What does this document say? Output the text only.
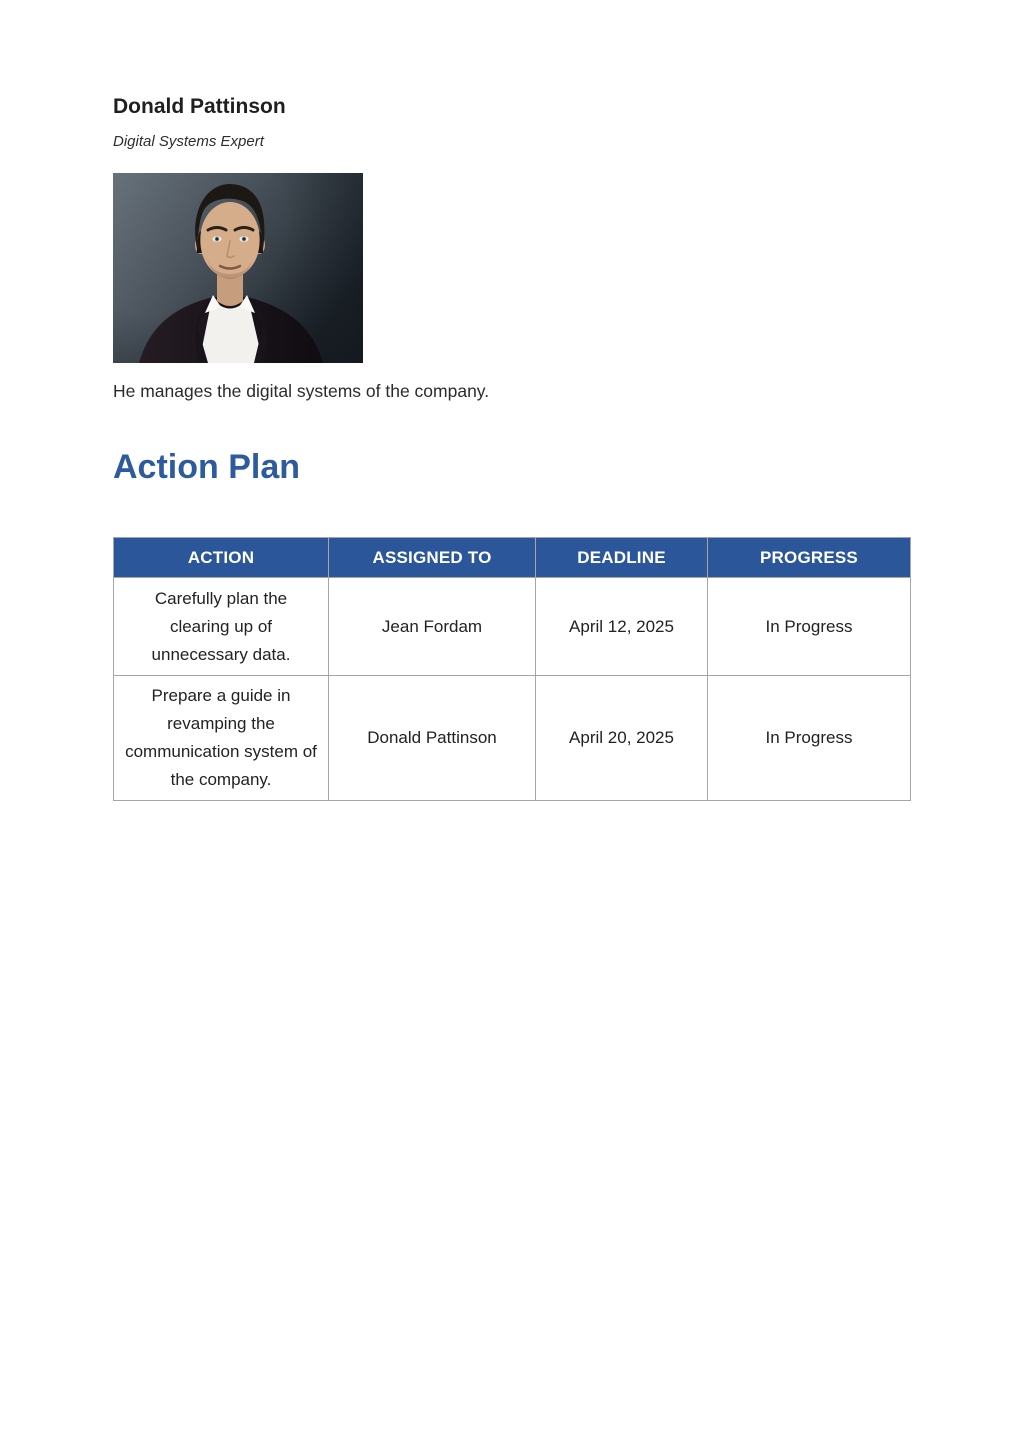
Donald Pattinson
Digital Systems Expert
He manages the digital systems of the company.
Action Plan
ACTION	ASSIGNED TO	DEADLINE	PROGRESS
Carefully plan the clearing up of unnecessary data.	Jean Fordam	April 12, 2025	In Progress
Prepare a guide in revamping the communication system of the company.	Donald Pattinson	April 20, 2025	In Progress
